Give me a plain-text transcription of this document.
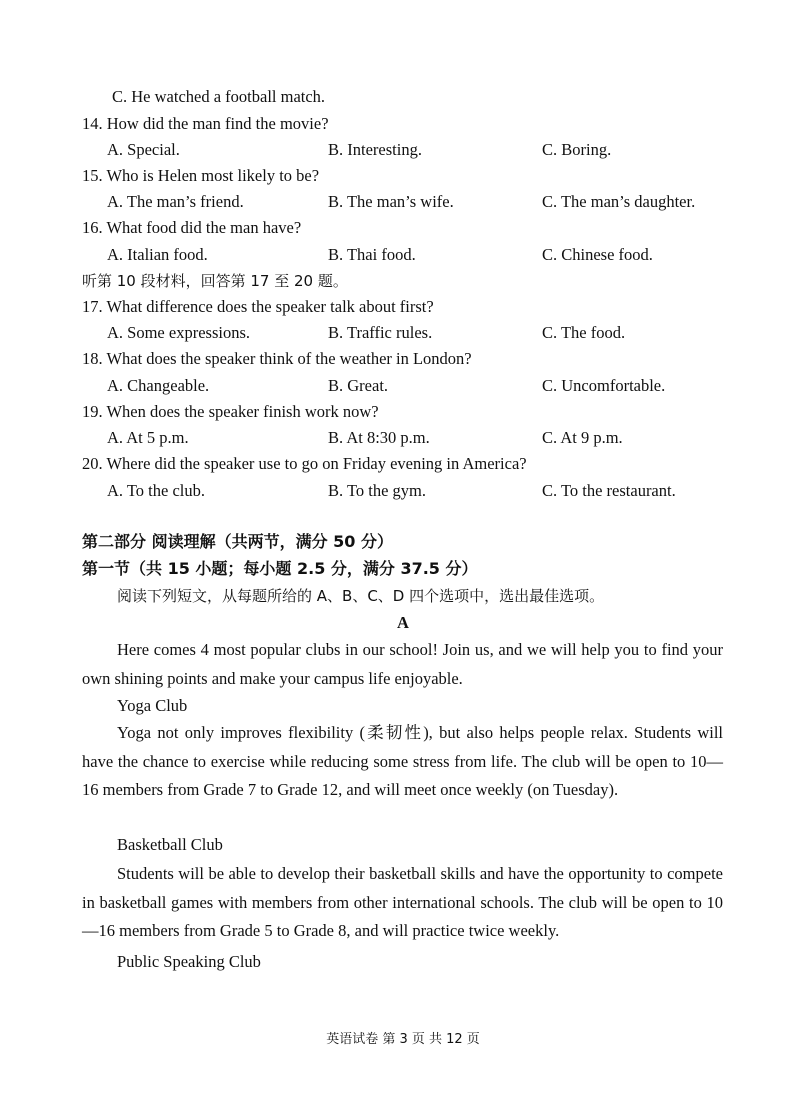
C. He watched a football match.
14. How did the man find the movie?
A. Special.	B. Interesting.	C. Boring.
15. Who is Helen most likely to be?
A. The man’s friend.	B. The man’s wife.	C. The man’s daughter.
16. What food did the man have?
A. Italian food.	B. Thai food.	C. Chinese food.
听第 10 段材料，回答第 17 至 20 题。
17. What difference does the speaker talk about first?
A. Some expressions.	B. Traffic rules.	C. The food.
18. What does the speaker think of the weather in London?
A. Changeable.	B. Great.	C. Uncomfortable.
19. When does the speaker finish work now?
A. At 5 p.m.	B. At 8:30 p.m.	C. At 9 p.m.
20. Where did the speaker use to go on Friday evening in America?
A. To the club.	B. To the gym.	C. To the restaurant.
第二部分 阅读理解（共两节，满分 50 分）
第一节（共 15 小题；每小题 2.5 分，满分 37.5 分）
阅读下列短文，从每题所给的 A、B、C、D 四个选项中，选出最佳选项。
A
Here comes 4 most popular clubs in our school! Join us, and we will help you to find your own shining points and make your campus life enjoyable.
Yoga Club
Yoga not only improves flexibility (柔韧性), but also helps people relax. Students will have the chance to exercise while reducing some stress from life. The club will be open to 10—16 members from Grade 7 to Grade 12, and will meet once weekly (on Tuesday).
Basketball Club
Students will be able to develop their basketball skills and have the opportunity to compete in basketball games with members from other international schools. The club will be open to 10—16 members from Grade 5 to Grade 8, and will practice twice weekly.
Public Speaking Club
英语试卷 第 3 页 共 12 页
